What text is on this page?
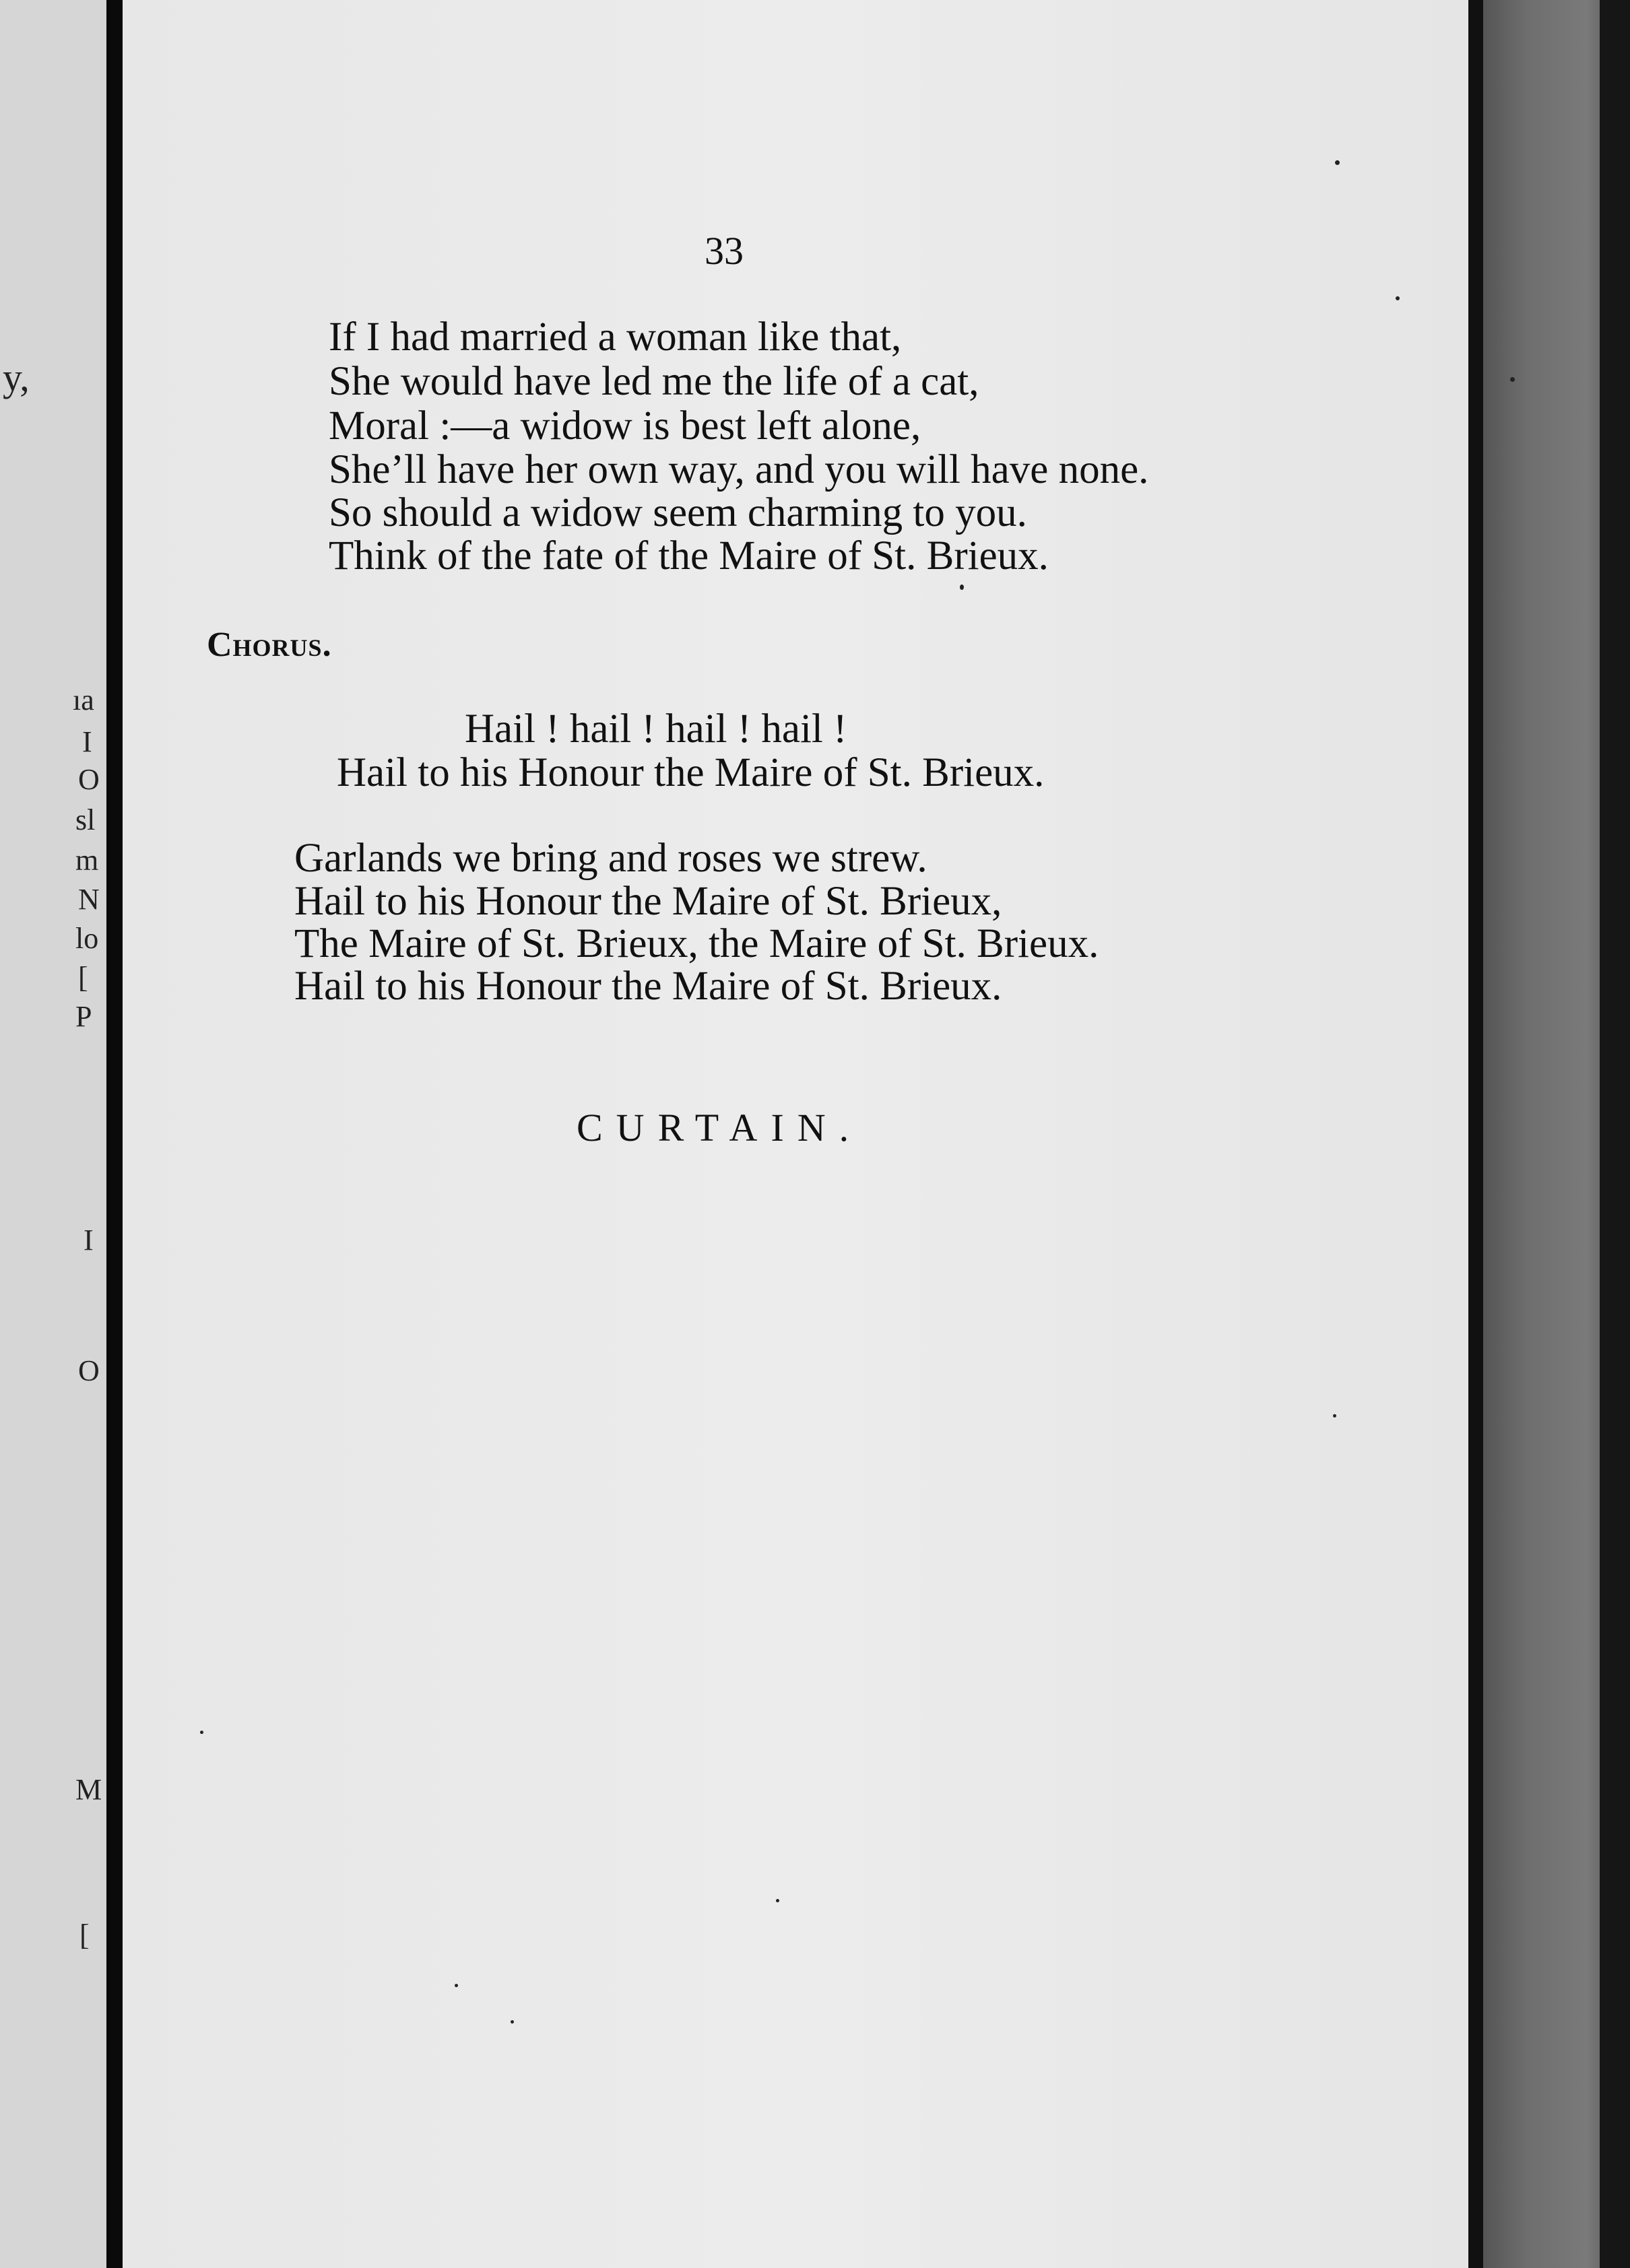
y,
ıa
Ι
Ο
sl
m
N
lo
[
Ρ
Ι
Ο
Μ
[
33
If I had married a woman like that,
She would have led me the life of a cat,
Moral :—a widow is best left alone,
She’ll have her own way, and you will have none.
So should a widow seem charming to you.
Think of the fate of the Maire of St. Brieux.
Chorus.
Hail ! hail ! hail ! hail !
Hail to his Honour the Maire of St. Brieux.
Garlands we bring and roses we strew.
Hail to his Honour the Maire of St. Brieux,
The Maire of St. Brieux, the Maire of St. Brieux.
Hail to his Honour the Maire of St. Brieux.
CURTAIN.
